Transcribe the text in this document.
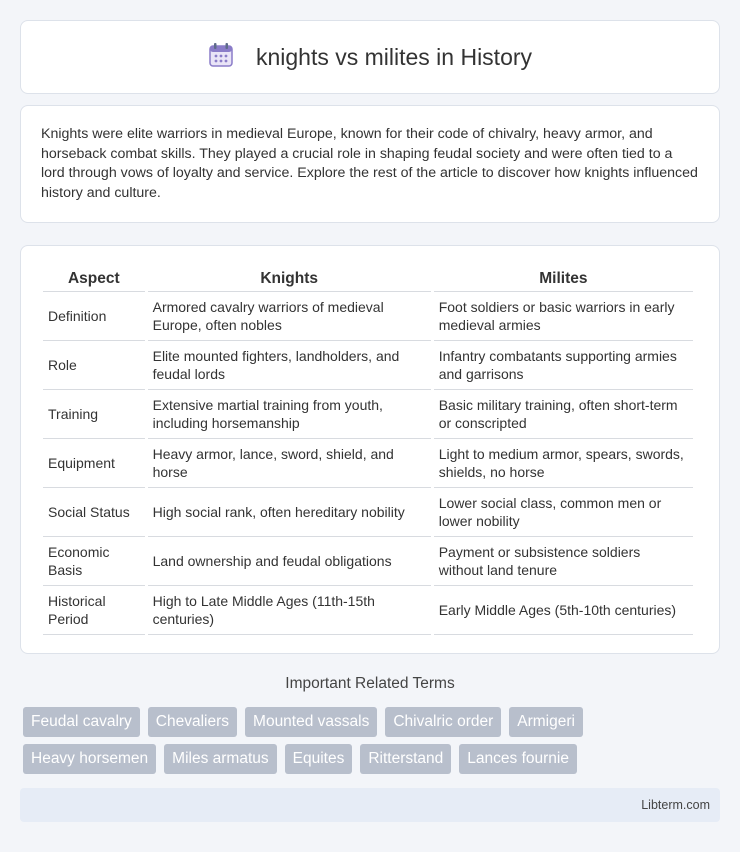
knights vs milites in History

Knights were elite warriors in medieval Europe, known for their code of chivalry, heavy armor, and horseback combat skills. They played a crucial role in shaping feudal society and were often tied to a lord through vows of loyalty and service. Explore the rest of the article to discover how knights influenced history and culture.

Aspect	Knights	Milites
Definition	Armored cavalry warriors of medieval Europe, often nobles	Foot soldiers or basic warriors in early medieval armies
Role	Elite mounted fighters, landholders, and feudal lords	Infantry combatants supporting armies and garrisons
Training	Extensive martial training from youth, including horsemanship	Basic military training, often short-term or conscripted
Equipment	Heavy armor, lance, sword, shield, and horse	Light to medium armor, spears, swords, shields, no horse
Social Status	High social rank, often hereditary nobility	Lower social class, common men or lower nobility
Economic Basis	Land ownership and feudal obligations	Payment or subsistence soldiers without land tenure
Historical Period	High to Late Middle Ages (11th-15th centuries)	Early Middle Ages (5th-10th centuries)
Important Related Terms
Feudal cavalry	Chevaliers	Mounted vassals	Chivalric order	Armigeri
Heavy horsemen	Miles armatus	Equites	Ritterstand	Lances fournie
Libterm.com
